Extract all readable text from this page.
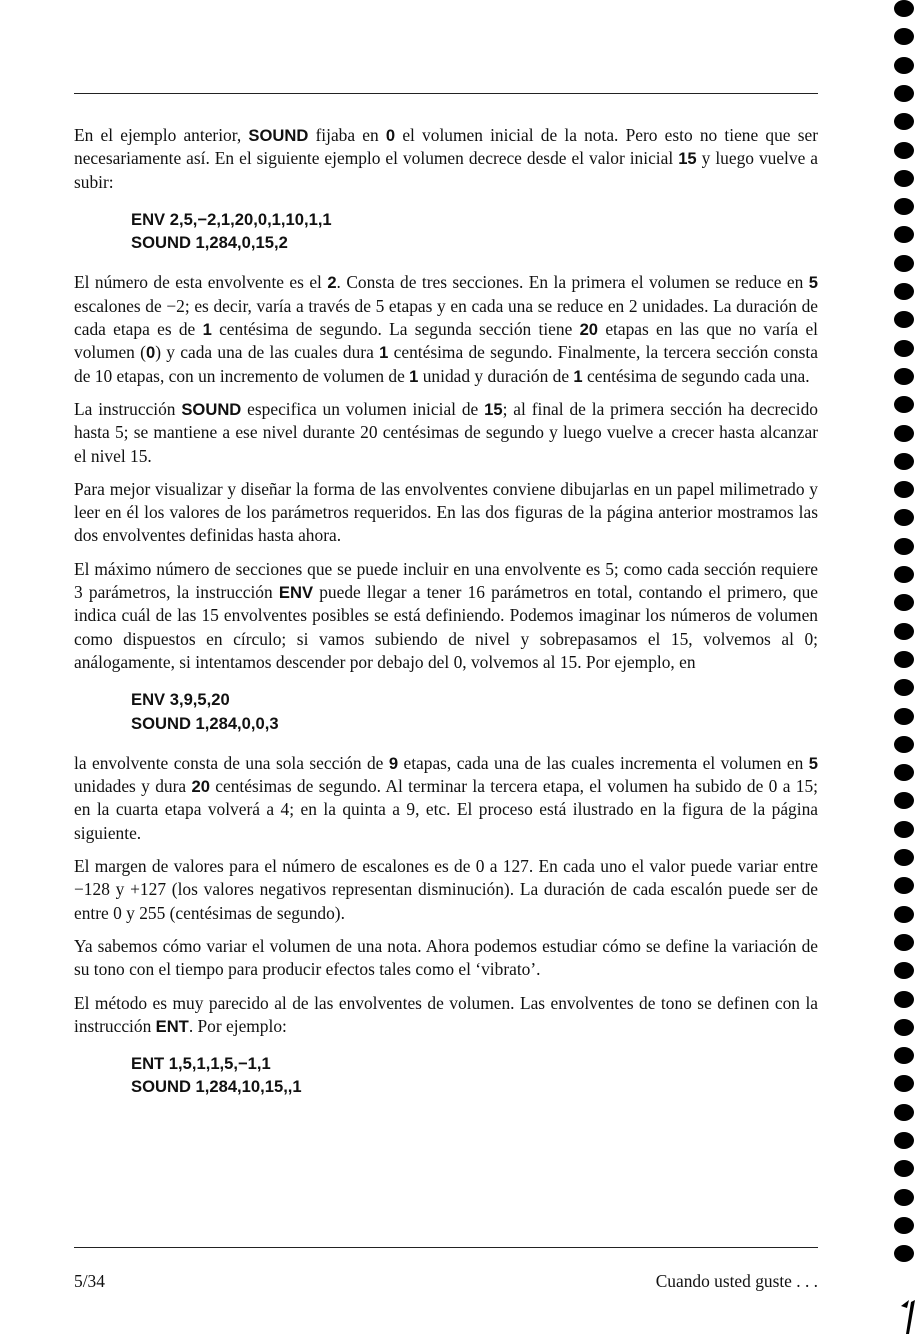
En el ejemplo anterior, SOUND fijaba en 0 el volumen inicial de la nota. Pero esto no tiene que ser necesariamente así. En el siguiente ejemplo el volumen decrece desde el valor inicial 15 y luego vuelve a subir:

ENV 2,5,−2,1,20,0,1,10,1,1
SOUND 1,284,0,15,2

El número de esta envolvente es el 2. Consta de tres secciones. En la primera el volumen se reduce en 5 escalones de −2; es decir, varía a través de 5 etapas y en cada una se reduce en 2 unidades. La duración de cada etapa es de 1 centésima de segundo. La segunda sección tiene 20 etapas en las que no varía el volumen (0) y cada una de las cuales dura 1 centésima de segundo. Finalmente, la tercera sección consta de 10 etapas, con un incremento de volumen de 1 unidad y duración de 1 centésima de segundo cada una.

La instrucción SOUND especifica un volumen inicial de 15; al final de la primera sección ha decrecido hasta 5; se mantiene a ese nivel durante 20 centésimas de segundo y luego vuelve a crecer hasta alcanzar el nivel 15.

Para mejor visualizar y diseñar la forma de las envolventes conviene dibujarlas en un papel milimetrado y leer en él los valores de los parámetros requeridos. En las dos figuras de la página anterior mostramos las dos envolventes definidas hasta ahora.

El máximo número de secciones que se puede incluir en una envolvente es 5; como cada sección requiere 3 parámetros, la instrucción ENV puede llegar a tener 16 parámetros en total, contando el primero, que indica cuál de las 15 envolventes posibles se está definiendo. Podemos imaginar los números de volumen como dispuestos en círculo; si vamos subiendo de nivel y sobrepasamos el 15, volvemos al 0; análogamente, si intentamos descender por debajo del 0, volvemos al 15. Por ejemplo, en

ENV 3,9,5,20
SOUND 1,284,0,0,3

la envolvente consta de una sola sección de 9 etapas, cada una de las cuales incrementa el volumen en 5 unidades y dura 20 centésimas de segundo. Al terminar la tercera etapa, el volumen ha subido de 0 a 15; en la cuarta etapa volverá a 4; en la quinta a 9, etc. El proceso está ilustrado en la figura de la página siguiente.

El margen de valores para el número de escalones es de 0 a 127. En cada uno el valor puede variar entre −128 y +127 (los valores negativos representan disminución). La duración de cada escalón puede ser de entre 0 y 255 (centésimas de segundo).

Ya sabemos cómo variar el volumen de una nota. Ahora podemos estudiar cómo se define la variación de su tono con el tiempo para producir efectos tales como el ‘vibrato’.

El método es muy parecido al de las envolventes de volumen. Las envolventes de tono se definen con la instrucción ENT. Por ejemplo:

ENT 1,5,1,1,5,−1,1
SOUND 1,284,10,15,,1
5/34	Cuando usted guste . . .
